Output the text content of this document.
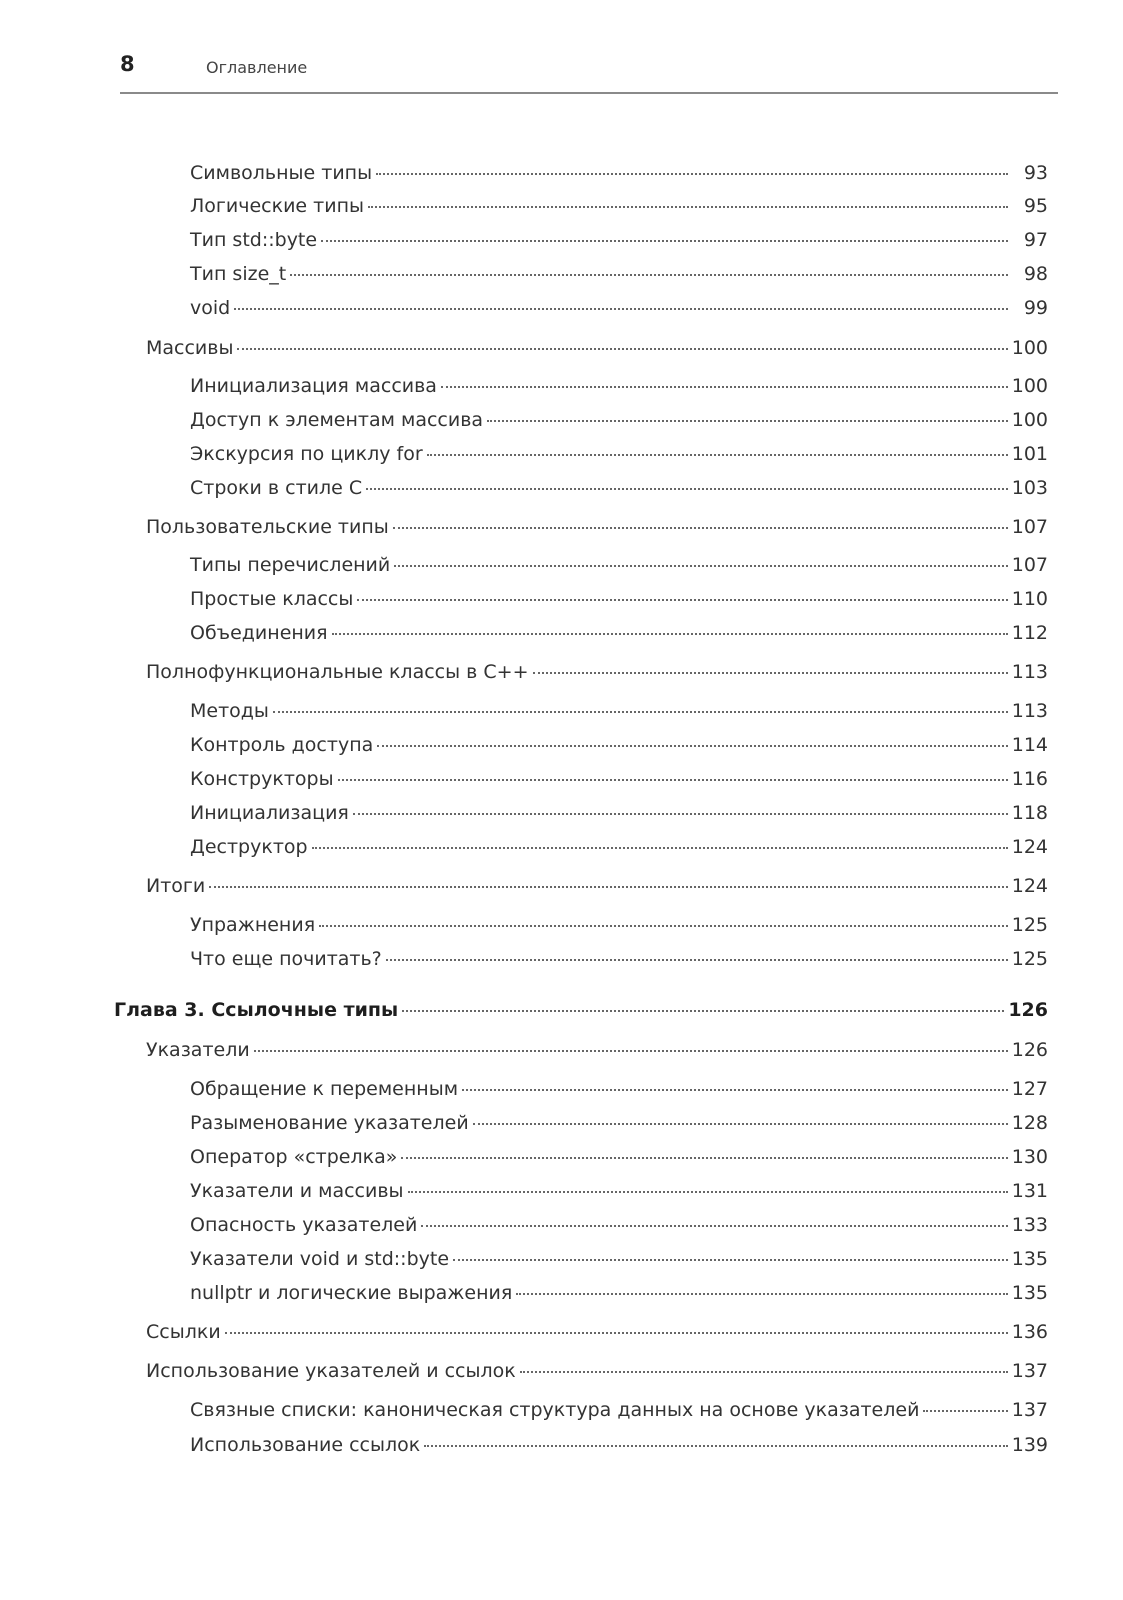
8	Оглавление
Символьные типы	93
Логические типы	95
Тип std::byte	97
Тип size_t	98
void	99
Массивы	100
Инициализация массива	100
Доступ к элементам массива	100
Экскурсия по циклу for	101
Строки в стиле C	103
Пользовательские типы	107
Типы перечислений	107
Простые классы	110
Объединения	112
Полнофункциональные классы в C++	113
Методы	113
Контроль доступа	114
Конструкторы	116
Инициализация	118
Деструктор	124
Итоги	124
Упражнения	125
Что еще почитать?	125
Глава 3. Ссылочные типы	126
Указатели	126
Обращение к переменным	127
Разыменование указателей	128
Оператор «стрелка»	130
Указатели и массивы	131
Опасность указателей	133
Указатели void и std::byte	135
nullptr и логические выражения	135
Ссылки	136
Использование указателей и ссылок	137
Связные списки: каноническая структура данных на основе указателей	137
Использование ссылок	139
